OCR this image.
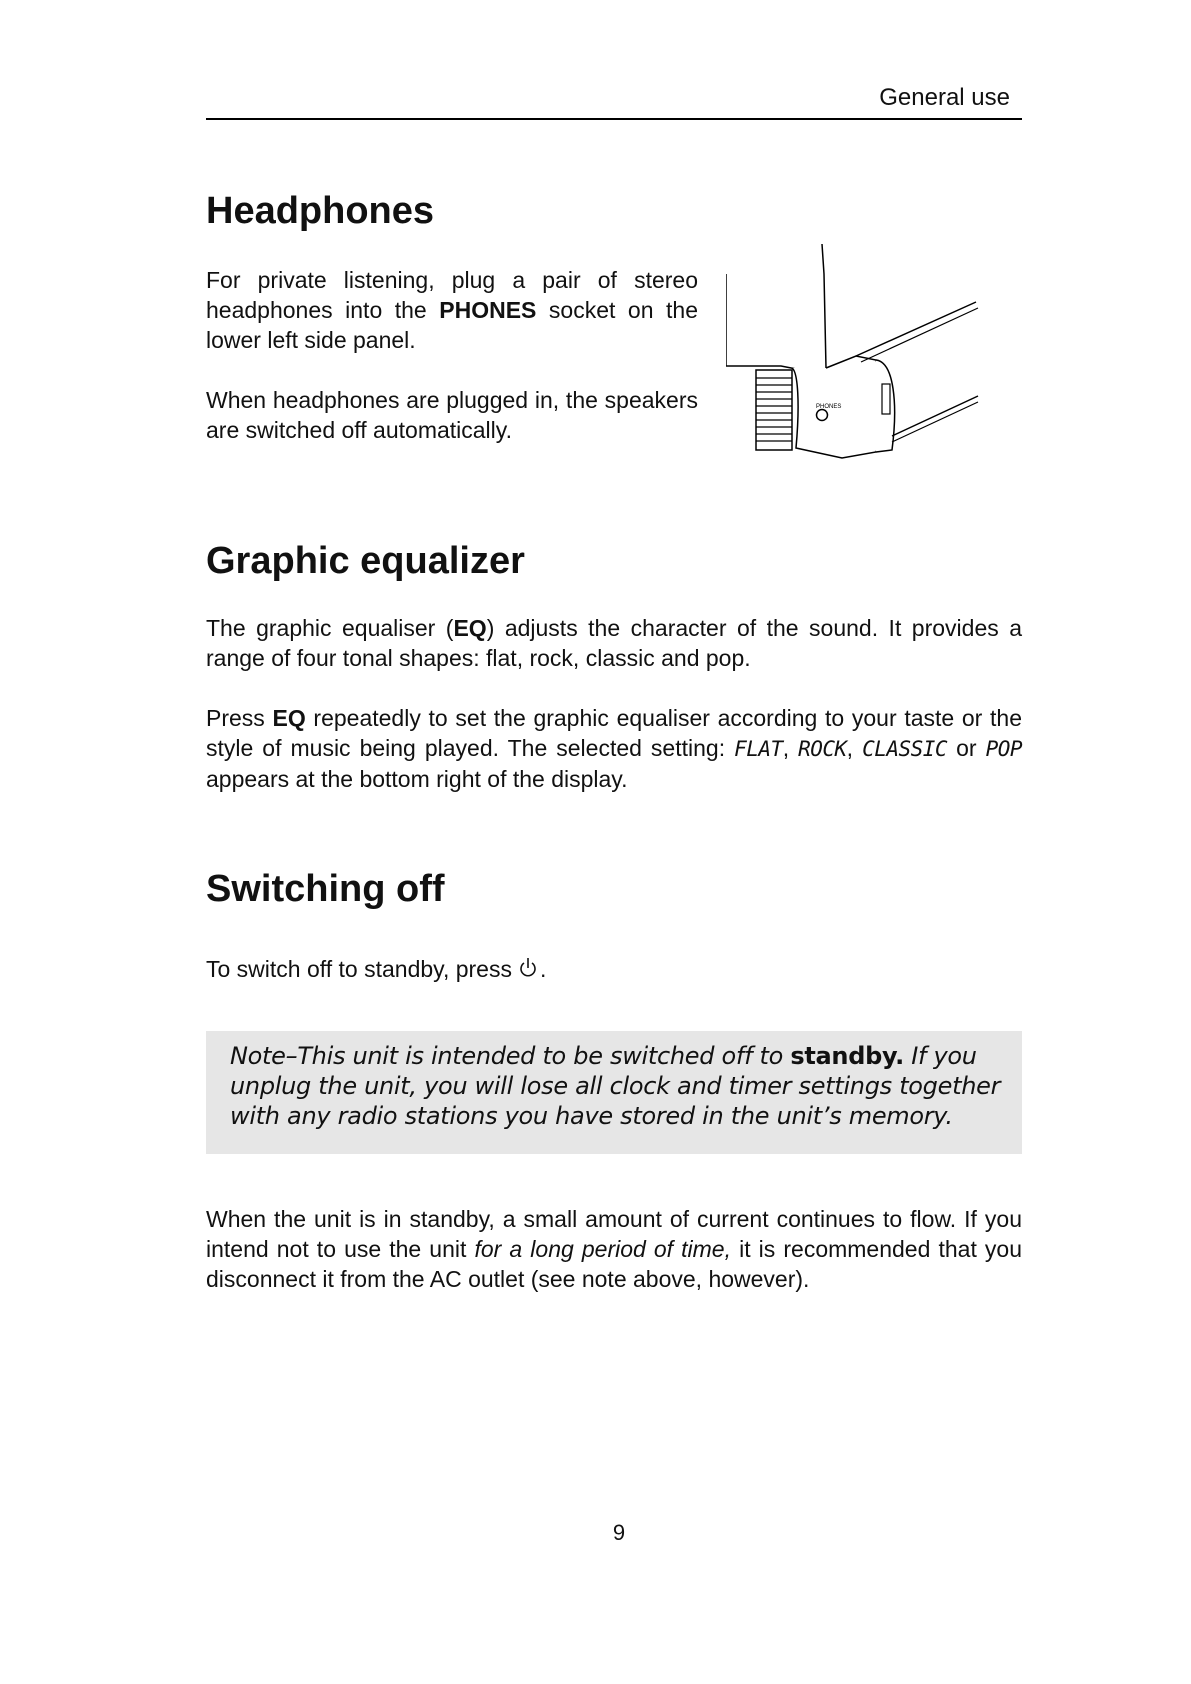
General use
Headphones

For private listening, plug a pair of stereo headphones into the PHONES socket on the lower left side panel.

When headphones are plugged in, the speakers are switched off automatically.

PHONES
Graphic equalizer

The graphic equaliser (EQ) adjusts the character of the sound. It provides a range of four tonal shapes: flat, rock, classic and pop.

Press EQ repeatedly to set the graphic equaliser according to your taste or the style of music being played. The selected setting: FLAT, ROCK, CLASSIC or POP appears at the bottom right of the display.

Switching off

To switch off to standby, press .

Note–This unit is intended to be switched off to standby. If you unplug the unit, you will lose all clock and timer settings together with any radio stations you have stored in the unit’s memory.

When the unit is in standby, a small amount of current continues to flow. If you intend not to use the unit for a long period of time, it is recommended that you disconnect it from the AC outlet (see note above, however).

9
